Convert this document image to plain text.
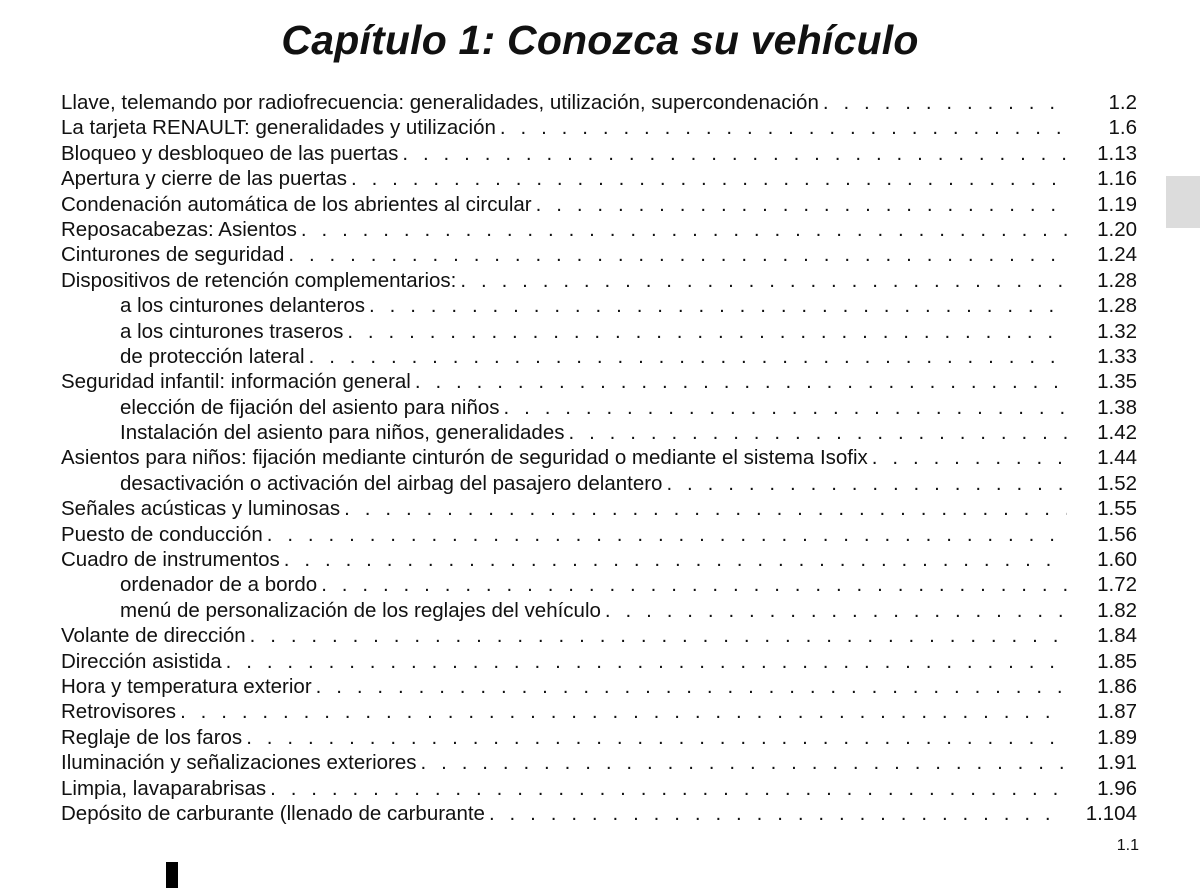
Capítulo 1: Conozca su vehículo
Llave, telemando por radiofrecuencia: generalidades, utilización, supercondenación . . .	1.2
La tarjeta RENAULT: generalidades y utilización . . .	1.6
Bloqueo y desbloqueo de las puertas . . .	1.13
Apertura y cierre de las puertas . . .	1.16
Condenación automática de los abrientes al circular . . .	1.19
Reposacabezas: Asientos . . .	1.20
Cinturones de seguridad . . .	1.24
Dispositivos de retención complementarios: . . .	1.28
a los cinturones delanteros . . .	1.28
a los cinturones traseros . . .	1.32
de protección lateral . . .	1.33
Seguridad infantil: información general . . .	1.35
elección de fijación del asiento para niños . . .	1.38
Instalación del asiento para niños, generalidades . . .	1.42
Asientos para niños: fijación mediante cinturón de seguridad o mediante el sistema Isofix . . .	1.44
desactivación o activación del airbag del pasajero delantero . . .	1.52
Señales acústicas y luminosas . . .	1.55
Puesto de conducción . . .	1.56
Cuadro de instrumentos . . .	1.60
ordenador de a bordo . . .	1.72
menú de personalización de los reglajes del vehículo . . .	1.82
Volante de dirección . . .	1.84
Dirección asistida . . .	1.85
Hora y temperatura exterior . . .	1.86
Retrovisores . . .	1.87
Reglaje de los faros . . .	1.89
Iluminación y señalizaciones exteriores . . .	1.91
Limpia, lavaparabrisas . . .	1.96
Depósito de carburante (llenado de carburante . . .	1.104
1.1
